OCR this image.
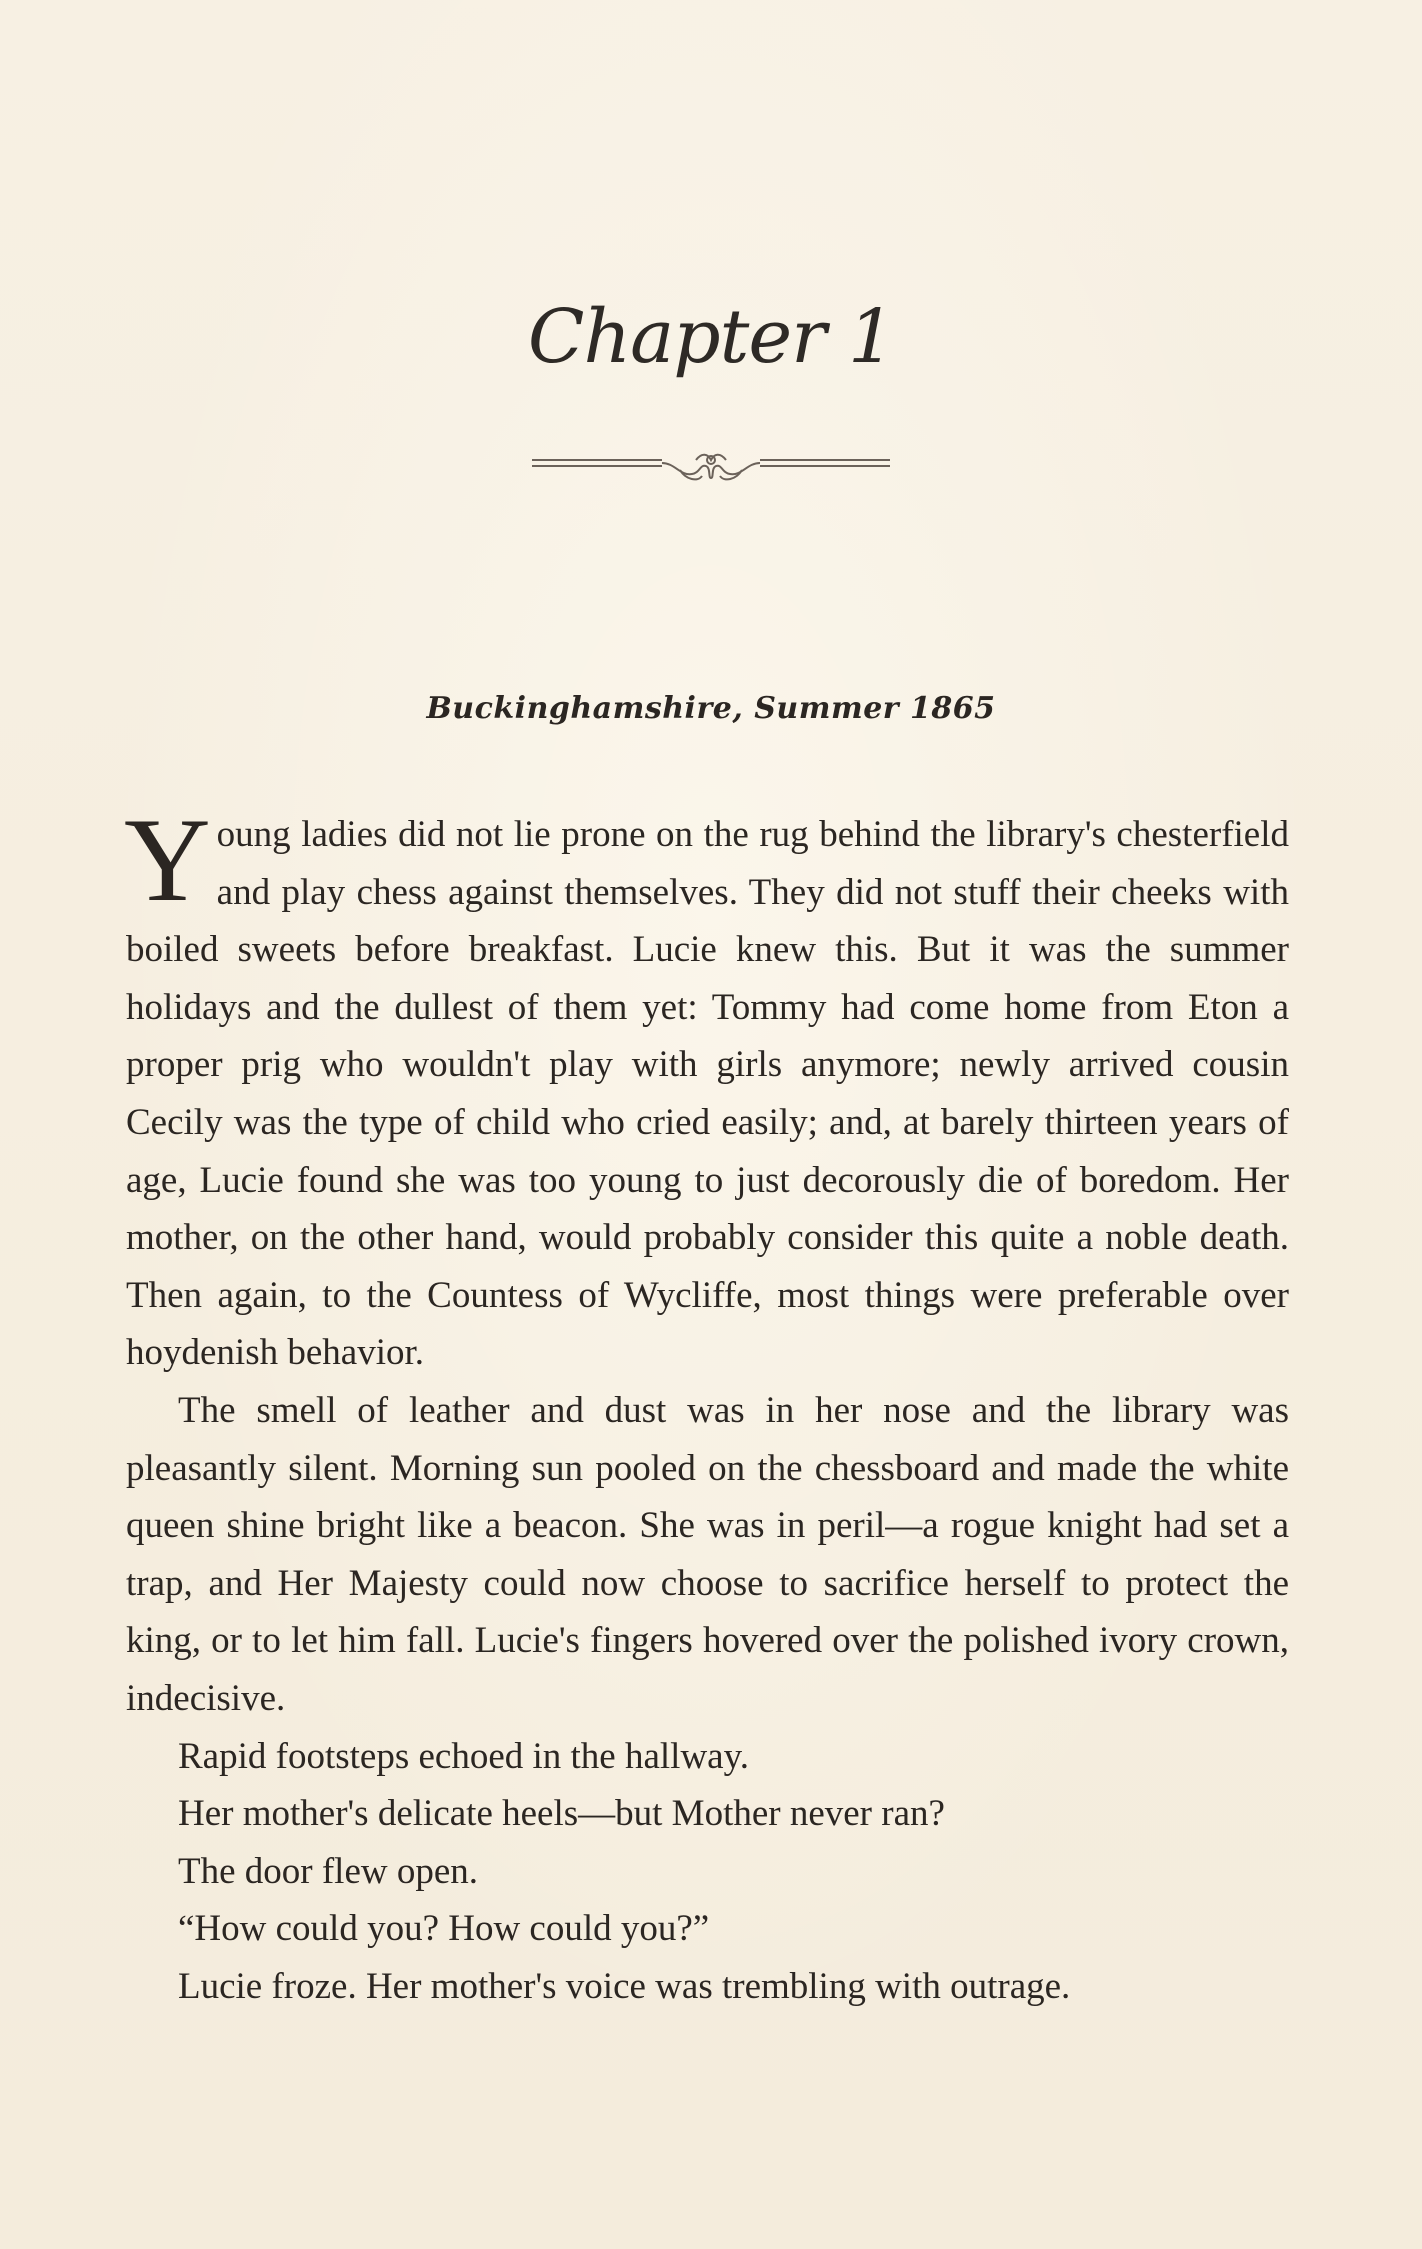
Chapter 1
Buckinghamshire, Summer 1865

Young ladies did not lie prone on the rug behind the library's chesterfield and play chess against themselves. They did not stuff their cheeks with boiled sweets before breakfast. Lucie knew this. But it was the summer holidays and the dullest of them yet: Tommy had come home from Eton a proper prig who wouldn't play with girls anymore; newly arrived cousin Cecily was the type of child who cried easily; and, at barely thirteen years of age, Lucie found she was too young to just decorously die of boredom. Her mother, on the other hand, would probably consider this quite a noble death. Then again, to the Countess of Wycliffe, most things were preferable over hoydenish behavior.

The smell of leather and dust was in her nose and the library was pleasantly silent. Morning sun pooled on the chessboard and made the white queen shine bright like a beacon. She was in peril—a rogue knight had set a trap, and Her Majesty could now choose to sacrifice herself to protect the king, or to let him fall. Lucie's fingers hovered over the polished ivory crown, indecisive.

Rapid footsteps echoed in the hallway.

Her mother's delicate heels—but Mother never ran?

The door flew open.

“How could you? How could you?”

Lucie froze. Her mother's voice was trembling with outrage.
